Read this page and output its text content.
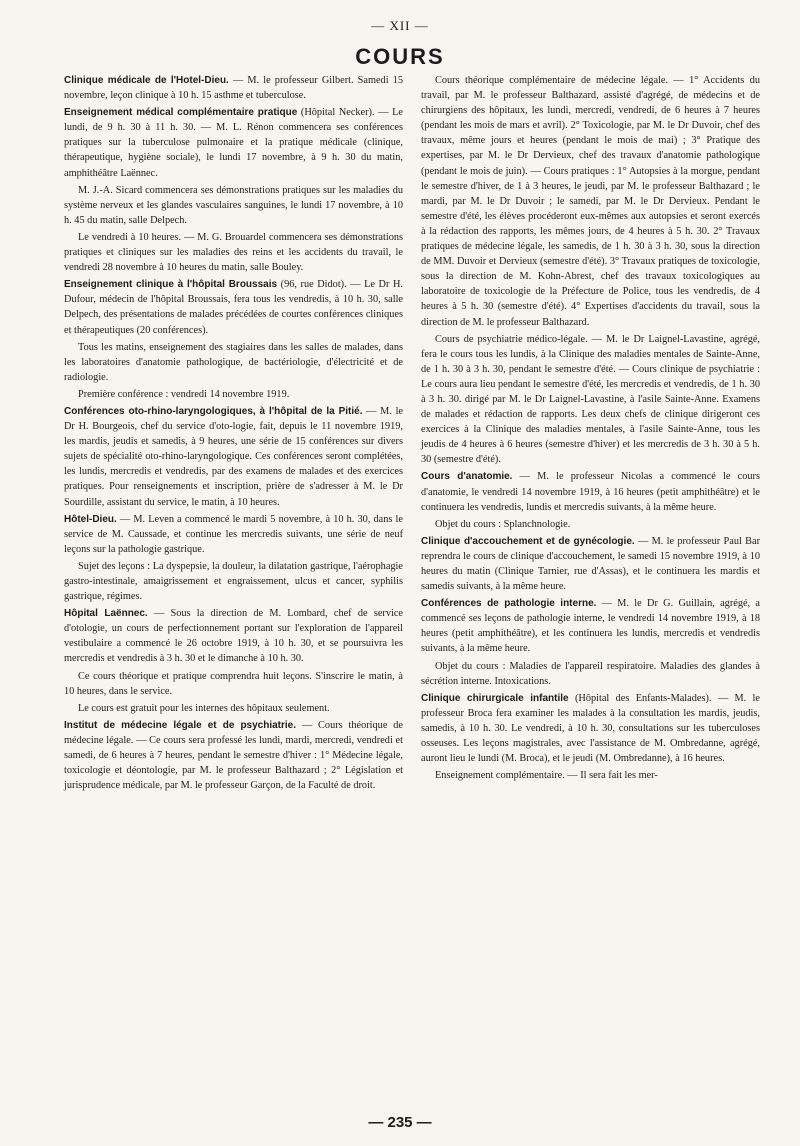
— XII —
COURS

Clinique médicale de l'Hotel-Dieu. — M. le professeur Gilbert. Samedi 15 novembre, leçon clinique à 10 h. 15 asthme et tuberculose.

Enseignement médical complémentaire pratique (Hôpital Necker). — Le lundi, de 9 h. 30 à 11 h. 30. — M. L. Rénon commencera ses conférences pratiques sur la tuberculose pulmonaire et la pratique médicale (clinique, thérapeutique, hygiène sociale), le lundi 17 novembre, à 9 h. 30 du matin, amphithéâtre Laënnec.

M. J.-A. Sicard commencera ses démonstrations pratiques sur les maladies du système nerveux et les glandes vasculaires sanguines, le lundi 17 novembre, à 10 h. 45 du matin, salle Delpech.

Le vendredi à 10 heures. — M. G. Brouardel commencera ses démonstrations pratiques et cliniques sur les maladies des reins et les accidents du travail, le vendredi 28 novembre à 10 heures du matin, salle Bouley.

Enseignement clinique à l'hôpital Broussais (96, rue Didot). — Le Dr H. Dufour, médecin de l'hôpital Broussais, fera tous les vendredis, à 10 h. 30, salle Delpech, des présentations de malades précédées de courtes conférences cliniques et thérapeutiques (20 conférences).

Tous les matins, enseignement des stagiaires dans les salles de malades, dans les laboratoires d'anatomie pathologique, de bactériologie, d'électricité et de radiologie.

Première conférence : vendredi 14 novembre 1919.

Conférences oto-rhino-laryngologiques, à l'hôpital de la Pitié. — M. le Dr H. Bourgeois, chef du service d'oto-logie, fait, depuis le 11 novembre 1919, les mardis, jeudis et samedis, à 9 heures, une série de 15 conférences sur divers sujets de spécialité oto-rhino-laryngologique. Ces conférences seront complétées, les lundis, mercredis et vendredis, par des examens de malades et des exercices pratiques. Pour renseignements et inscription, prière de s'adresser à M. le Dr Sourdille, assistant du service, le matin, à 10 heures.

Hôtel-Dieu. — M. Leven a commencé le mardi 5 novembre, à 10 h. 30, dans le service de M. Caussade, et continue les mercredis suivants, une série de neuf leçons sur la pathologie gastrique.

Sujet des leçons : La dyspepsie, la douleur, la dilatation gastrique, l'aérophagie gastro-intestinale, amaigrissement et engraissement, ulcus et cancer, syphilis gastrique, régimes.

Hôpital Laënnec. — Sous la direction de M. Lombard, chef de service d'otologie, un cours de perfectionnement portant sur l'exploration de l'appareil vestibulaire a commencé le 26 octobre 1919, à 10 h. 30, et se poursuivra les mercredis et vendredis à 3 h. 30 et le dimanche à 10 h. 30.

Ce cours théorique et pratique comprendra huit leçons. S'inscrire le matin, à 10 heures, dans le service.

Le cours est gratuit pour les internes des hôpitaux seulement.

Institut de médecine légale et de psychiatrie. — Cours théorique de médecine légale. — Ce cours sera professé les lundi, mardi, mercredi, vendredi et samedi, de 6 heures à 7 heures, pendant le semestre d'hiver : 1° Médecine légale, toxicologie et déontologie, par M. le professeur Balthazard ; 2° Législation et jurisprudence médicale, par M. le professeur Garçon, de la Faculté de droit.

Cours théorique complémentaire de médecine légale. — 1° Accidents du travail, par M. le professeur Balthazard, assisté d'agrégé, de médecins et de chirurgiens des hôpitaux, les lundi, mercredi, vendredi, de 6 heures à 7 heures (pendant les mois de mars et avril). 2° Toxicologie, par M. le Dr Duvoir, chef des travaux, même jours et heures (pendant le mois de mai) ; 3° Pratique des expertises, par M. le Dr Dervieux, chef des travaux d'anatomie pathologique (pendant le mois de juin). — Cours pratiques : 1° Autopsies à la morgue, pendant le semestre d'hiver, de 1 à 3 heures, le jeudi, par M. le professeur Balthazard ; le mardi, par M. le Dr Duvoir ; le samedi, par M. le Dr Dervieux. Pendant le semestre d'été, les élèves procéderont eux-mêmes aux autopsies et seront exercés à la rédaction des rapports, les mêmes jours, de 4 heures à 5 h. 30. 2° Travaux pratiques de médecine légale, les samedis, de 1 h. 30 à 3 h. 30, sous la direction de MM. Duvoir et Dervieux (semestre d'été). 3° Travaux pratiques de toxicologie, sous la direction de M. Kohn-Abrest, chef des travaux toxicologiques au laboratoire de toxicologie de la Préfecture de Police, tous les vendredis, de 4 heures à 5 h. 30 (semestre d'été). 4° Expertises d'accidents du travail, sous la direction de M. le professeur Balthazard.

Cours de psychiatrie médico-légale. — M. le Dr Laignel-Lavastine, agrégé, fera le cours tous les lundis, à la Clinique des maladies mentales de Sainte-Anne, de 1 h. 30 à 3 h. 30, pendant le semestre d'été. — Cours clinique de psychiatrie : Le cours aura lieu pendant le semestre d'été, les mercredis et vendredis, de 1 h. 30 à 3 h. 30. dirigé par M. le Dr Laignel-Lavastine, à l'asile Sainte-Anne. Examens de malades et rédaction de rapports. Les deux chefs de clinique dirigeront ces exercices à la Clinique des maladies mentales, à l'asile Sainte-Anne, tous les jeudis de 4 heures à 6 heures (semestre d'hiver) et les mercredis de 3 h. 30 à 5 h. 30 (semestre d'été).

Cours d'anatomie. — M. le professeur Nicolas a commencé le cours d'anatomie, le vendredi 14 novembre 1919, à 16 heures (petit amphithéâtre) et le continuera les vendredis, lundis et mercredis suivants, à la même heure.

Objet du cours : Splanchnologie.

Clinique d'accouchement et de gynécologie. — M. le professeur Paul Bar reprendra le cours de clinique d'accouchement, le samedi 15 novembre 1919, à 10 heures du matin (Clinique Tarnier, rue d'Assas), et le continuera les mardis et samedis suivants, à la même heure.

Conférences de pathologie interne. — M. le Dr G. Guillain, agrégé, a commencé ses leçons de pathologie interne, le vendredi 14 novembre 1919, à 18 heures (petit amphithéâtre), et les continuera les lundis, mercredis et vendredis suivants, à la même heure.

Objet du cours : Maladies de l'appareil respiratoire. Maladies des glandes à sécrétion interne. Intoxications.

Clinique chirurgicale infantile (Hôpital des Enfants-Malades). — M. le professeur Broca fera examiner les malades à la consultation les mardis, jeudis, samedis, à 10 h. 30. Le vendredi, à 10 h. 30, consultations sur les tuberculoses osseuses. Les leçons magistrales, avec l'assistance de M. Ombredanne, agrégé, auront lieu le lundi (M. Broca), et le jeudi (M. Ombredanne), à 16 heures.

Enseignement complémentaire. — Il sera fait les mer-

— 235 —
